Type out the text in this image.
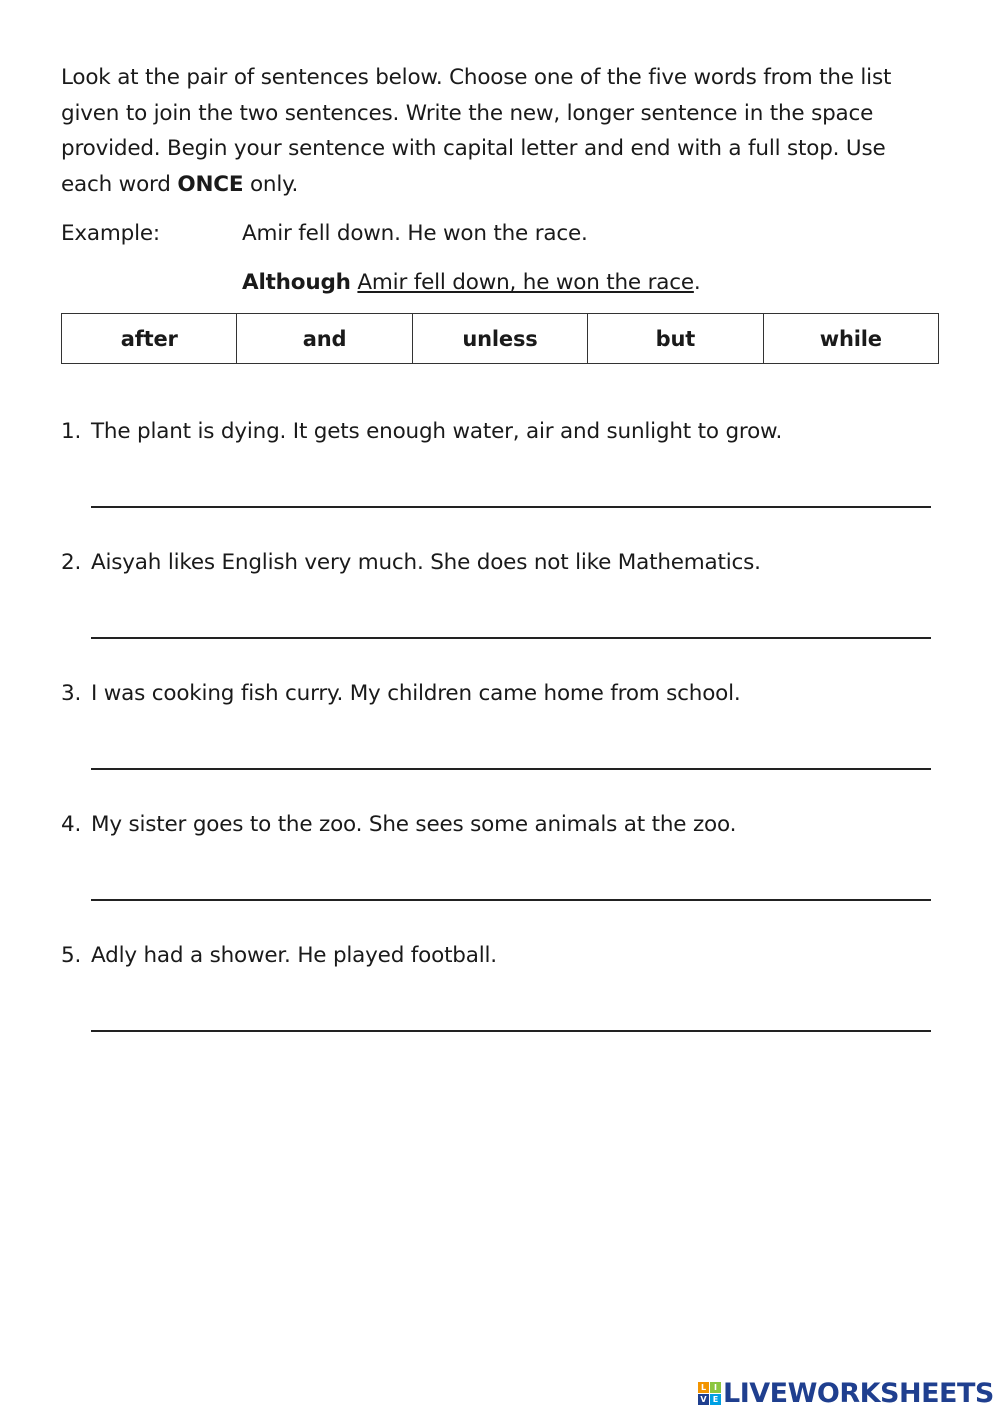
Look at the pair of sentences below. Choose one of the five words from the list given to join the two sentences. Write the new, longer sentence in the space provided. Begin your sentence with capital letter and end with a full stop. Use each word ONCE only.
Example:	Amir fell down. He won the race.
Although Amir fell down, he won the race.
after	and	unless	but	while
1. The plant is dying. It gets enough water, air and sunlight to grow.
2. Aisyah likes English very much. She does not like Mathematics.
3. I was cooking fish curry. My children came home from school.
4. My sister goes to the zoo. She sees some animals at the zoo.
5. Adly had a shower. He played football.
L I
V E LIVEWORKSHEETS
